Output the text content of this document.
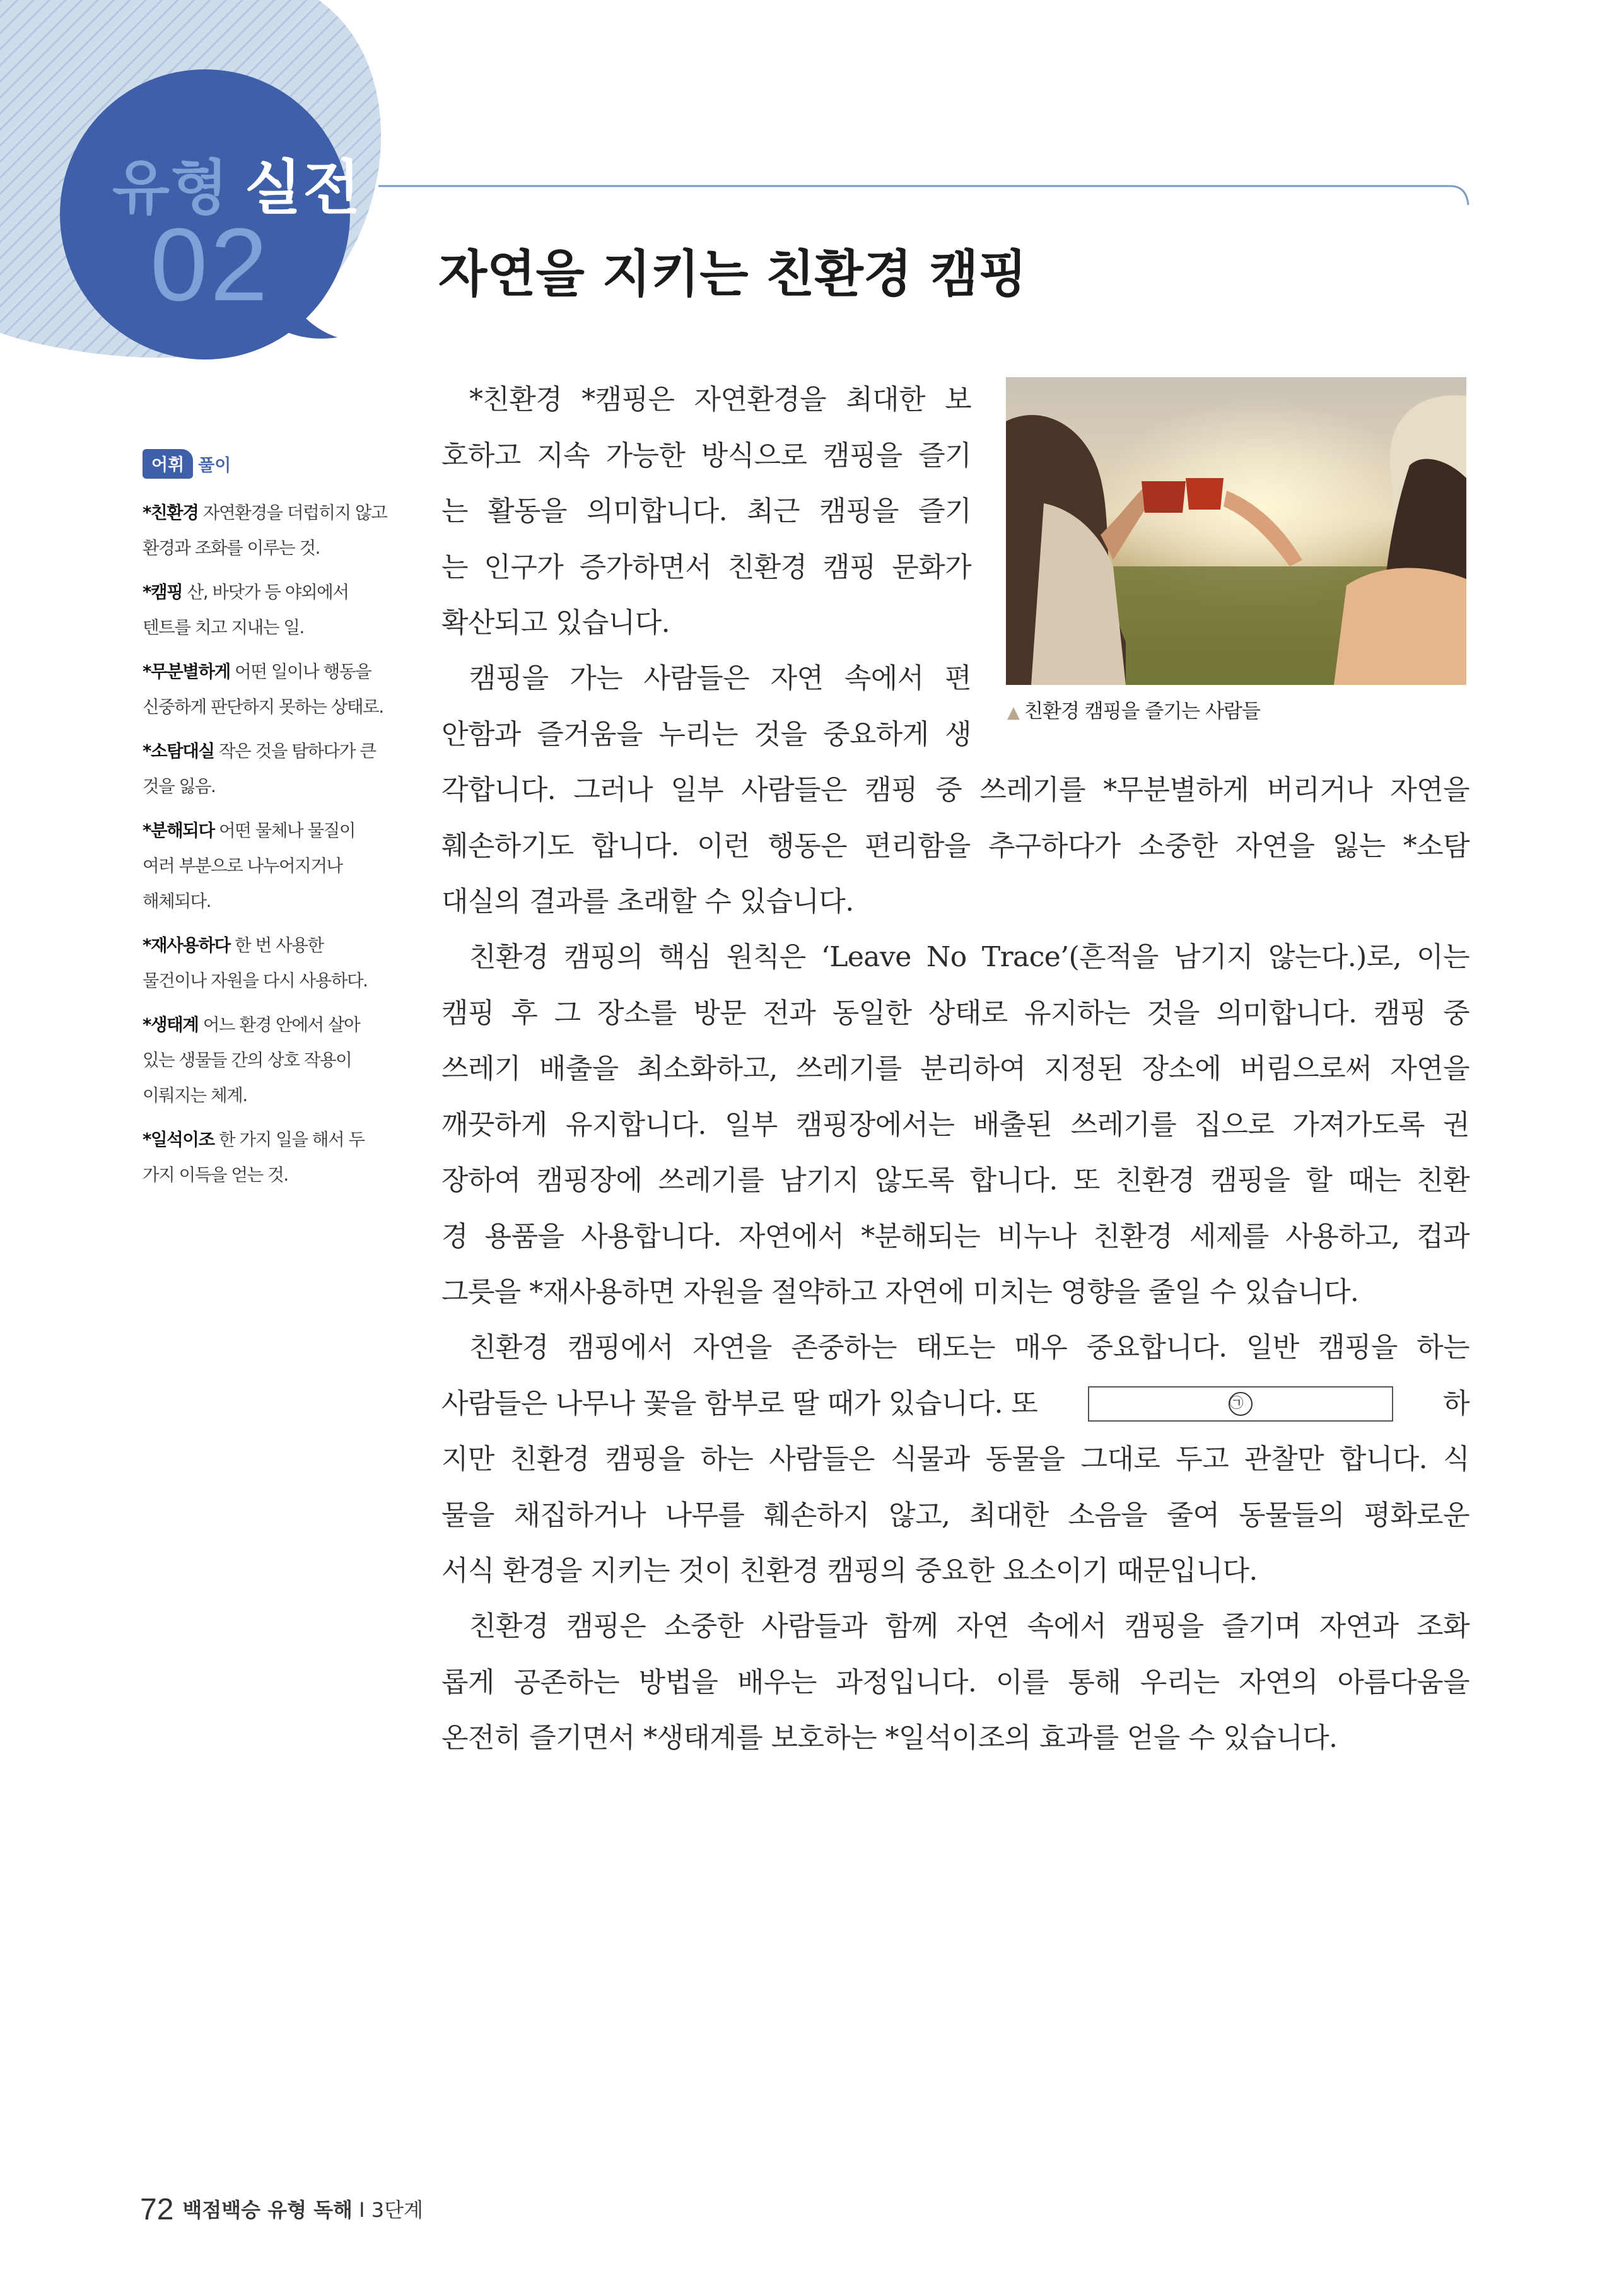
유형 실전
02	자연을 지키는 친환경 캠핑
어휘 풀이
*친환경 자연환경을 더럽히지 않고 환경과 조화를 이루는 것.
*캠핑 산, 바닷가 등 야외에서 텐트를 치고 지내는 일.
*무분별하게 어떤 일이나 행동을 신중하게 판단하지 못하는 상태로.
*소탐대실 작은 것을 탐하다가 큰 것을 잃음.
*분해되다 어떤 물체나 물질이 여러 부분으로 나누어지거나 해체되다.
*재사용하다 한 번 사용한 물건이나 자원을 다시 사용하다.
*생태계 어느 환경 안에서 살아 있는 생물들 간의 상호 작용이 이뤄지는 체계.
*일석이조 한 가지 일을 해서 두 가지 이득을 얻는 것.
▲ 친환경 캠핑을 즐기는 사람들
*친환경 *캠핑은 자연환경을 최대한 보
호하고 지속 가능한 방식으로 캠핑을 즐기
는 활동을 의미합니다. 최근 캠핑을 즐기
는 인구가 증가하면서 친환경 캠핑 문화가
확산되고 있습니다.
캠핑을 가는 사람들은 자연 속에서 편
안함과 즐거움을 누리는 것을 중요하게 생
각합니다. 그러나 일부 사람들은 캠핑 중 쓰레기를 *무분별하게 버리거나 자연을
훼손하기도 합니다. 이런 행동은 편리함을 추구하다가 소중한 자연을 잃는 *소탐
대실의 결과를 초래할 수 있습니다.
친환경 캠핑의 핵심 원칙은 ‘Leave No Trace’(흔적을 남기지 않는다.)로, 이는
캠핑 후 그 장소를 방문 전과 동일한 상태로 유지하는 것을 의미합니다. 캠핑 중
쓰레기 배출을 최소화하고, 쓰레기를 분리하여 지정된 장소에 버림으로써 자연을
깨끗하게 유지합니다. 일부 캠핑장에서는 배출된 쓰레기를 집으로 가져가도록 권
장하여 캠핑장에 쓰레기를 남기지 않도록 합니다. 또 친환경 캠핑을 할 때는 친환
경 용품을 사용합니다. 자연에서 *분해되는 비누나 친환경 세제를 사용하고, 컵과
그릇을 *재사용하면 자원을 절약하고 자연에 미치는 영향을 줄일 수 있습니다.
친환경 캠핑에서 자연을 존중하는 태도는 매우 중요합니다. 일반 캠핑을 하는
사람들은 나무나 꽃을 함부로 딸 때가 있습니다. 또	㉠	하
지만 친환경 캠핑을 하는 사람들은 식물과 동물을 그대로 두고 관찰만 합니다. 식
물을 채집하거나 나무를 훼손하지 않고, 최대한 소음을 줄여 동물들의 평화로운
서식 환경을 지키는 것이 친환경 캠핑의 중요한 요소이기 때문입니다.
친환경 캠핑은 소중한 사람들과 함께 자연 속에서 캠핑을 즐기며 자연과 조화
롭게 공존하는 방법을 배우는 과정입니다. 이를 통해 우리는 자연의 아름다움을
온전히 즐기면서 *생태계를 보호하는 *일석이조의 효과를 얻을 수 있습니다.
72 백점백승 유형 독해 I 3단계
